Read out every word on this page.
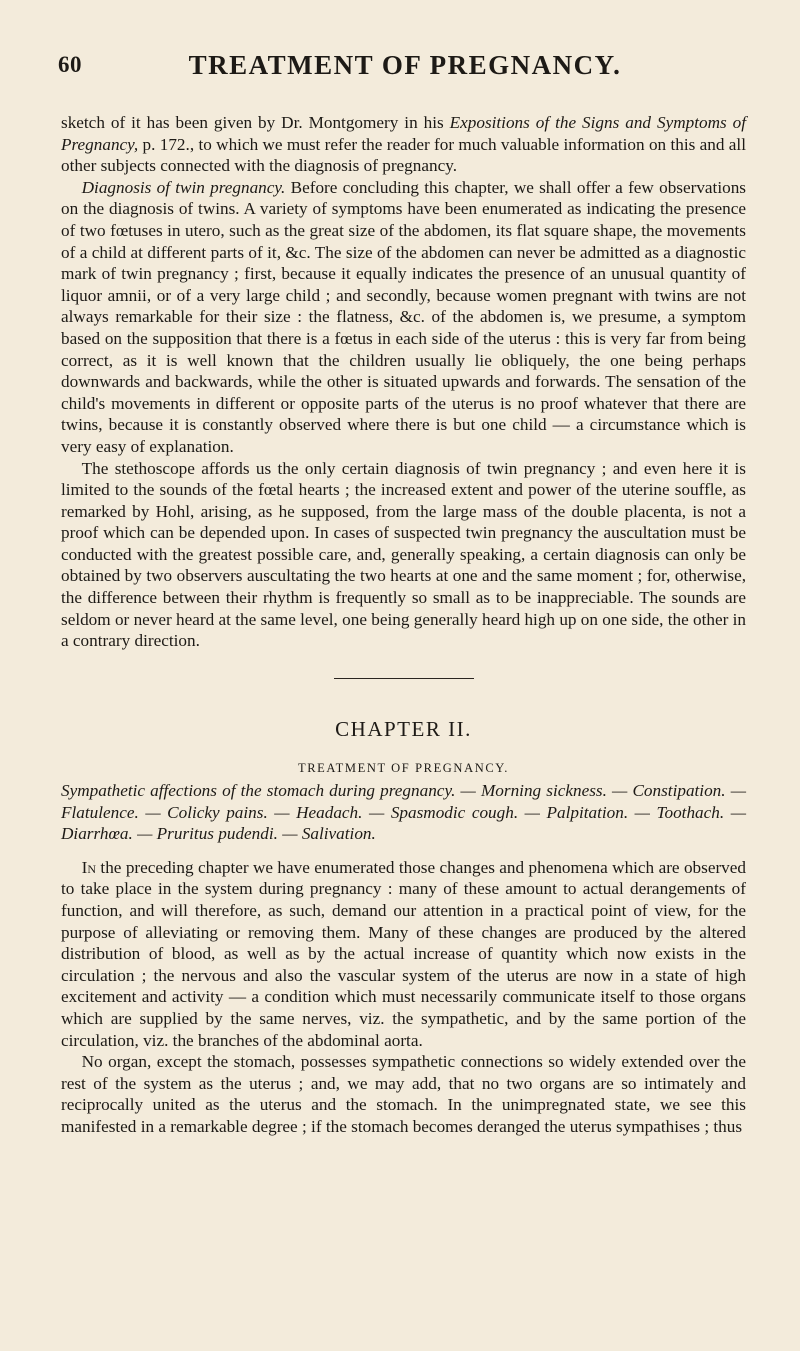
60	TREATMENT OF PREGNANCY.

sketch of it has been given by Dr. Montgomery in his Expositions of the Signs and Symptoms of Pregnancy, p. 172., to which we must refer the reader for much valuable information on this and all other subjects connected with the diagnosis of pregnancy.

Diagnosis of twin pregnancy. Before concluding this chapter, we shall offer a few observations on the diagnosis of twins. A variety of symptoms have been enumerated as indicating the presence of two fœtuses in utero, such as the great size of the abdomen, its flat square shape, the movements of a child at different parts of it, &c. The size of the abdomen can never be admitted as a diagnostic mark of twin pregnancy ; first, because it equally indicates the presence of an unusual quantity of liquor amnii, or of a very large child ; and secondly, because women pregnant with twins are not always remarkable for their size : the flatness, &c. of the abdomen is, we presume, a symptom based on the supposition that there is a fœtus in each side of the uterus : this is very far from being correct, as it is well known that the children usually lie obliquely, the one being perhaps downwards and backwards, while the other is situated upwards and forwards. The sensation of the child's movements in different or opposite parts of the uterus is no proof whatever that there are twins, because it is constantly observed where there is but one child — a circumstance which is very easy of explanation.

The stethoscope affords us the only certain diagnosis of twin pregnancy ; and even here it is limited to the sounds of the fœtal hearts ; the increased extent and power of the uterine souffle, as remarked by Hohl, arising, as he supposed, from the large mass of the double placenta, is not a proof which can be depended upon. In cases of suspected twin pregnancy the auscultation must be conducted with the greatest possible care, and, generally speaking, a certain diagnosis can only be obtained by two observers auscultating the two hearts at one and the same moment ; for, otherwise, the difference between their rhythm is frequently so small as to be inappreciable. The sounds are seldom or never heard at the same level, one being generally heard high up on one side, the other in a contrary direction.

CHAPTER II.
TREATMENT OF PREGNANCY.

Sympathetic affections of the stomach during pregnancy. — Morning sickness. — Constipation. — Flatulence. — Colicky pains. — Headach. — Spasmodic cough. — Palpitation. — Toothach. — Diarrhœa. — Pruritus pudendi. — Salivation.

In the preceding chapter we have enumerated those changes and phenomena which are observed to take place in the system during pregnancy : many of these amount to actual derangements of function, and will therefore, as such, demand our attention in a practical point of view, for the purpose of alleviating or removing them. Many of these changes are produced by the altered distribution of blood, as well as by the actual increase of quantity which now exists in the circulation ; the nervous and also the vascular system of the uterus are now in a state of high excitement and activity — a condition which must necessarily communicate itself to those organs which are supplied by the same nerves, viz. the sympathetic, and by the same portion of the circulation, viz. the branches of the abdominal aorta.

No organ, except the stomach, possesses sympathetic connections so widely extended over the rest of the system as the uterus ; and, we may add, that no two organs are so intimately and reciprocally united as the uterus and the stomach. In the unimpregnated state, we see this manifested in a remarkable degree ; if the stomach becomes deranged the uterus sympathises ; thus
